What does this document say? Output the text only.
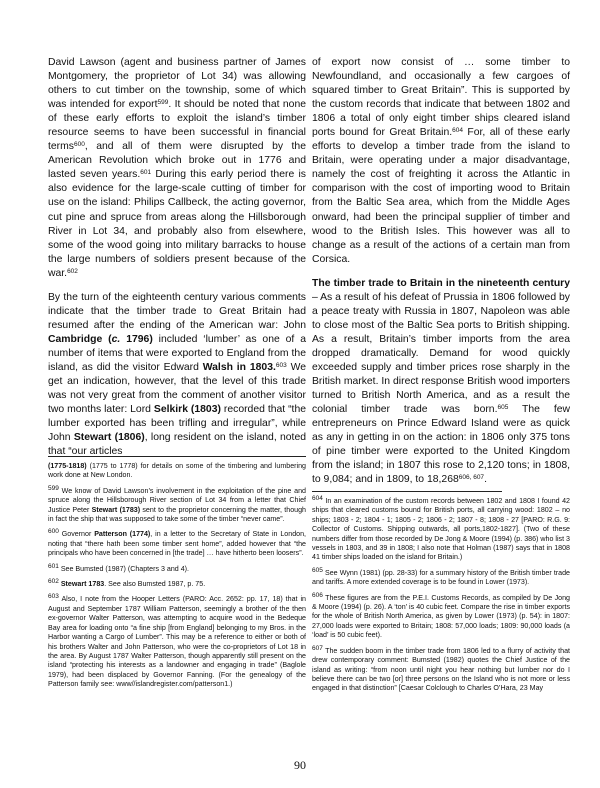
David Lawson (agent and business partner of James Montgomery, the proprietor of Lot 34) was allowing others to cut timber on the township, some of which was intended for export$^{599}$. It should be noted that none of these early efforts to exploit the island’s timber resource seems to have been successful in financial terms$^{600}$, and all of them were disrupted by the American Revolution which broke out in 1776 and lasted seven years.$^{601}$ During this early period there is also evidence for the large-scale cutting of timber for use on the island: Philips Callbeck, the acting governor, cut pine and spruce from areas along the Hillsborough River in Lot 34, and probably also from elsewhere, some of the wood going into military barracks to house the large numbers of soldiers present because of the war.$^{602}$

By the turn of the eighteenth century various comments indicate that the timber trade to Great Britain had resumed after the ending of the American war: John Cambridge (c. 1796) included ‘lumber’ as one of a number of items that were exported to England from the island, as did the visitor Edward Walsh in 1803.$^{603}$ We get an indication, however, that the level of this trade was not very great from the comment of another visitor two months later: Lord Selkirk (1803) recorded that “the lumber exported has been trifling and irregular”, while John Stewart (1806), long resident on the island, noted that “our articles

of export now consist of … some timber to Newfoundland, and occasionally a few cargoes of squared timber to Great Britain”. This is supported by the custom records that indicate that between 1802 and 1806 a total of only eight timber ships cleared island ports bound for Great Britain.$^{604}$ For, all of these early efforts to develop a timber trade from the island to Britain, were operating under a major disadvantage, namely the cost of freighting it across the Atlantic in comparison with the cost of importing wood to Britain from the Baltic Sea area, which from the Middle Ages onward, had been the principal supplier of timber and wood to the British Isles. This however was all to change as a result of the actions of a certain man from Corsica.

The timber trade to Britain in the nineteenth century – As a result of his defeat of Prussia in 1806 followed by a peace treaty with Russia in 1807, Napoleon was able to close most of the Baltic Sea ports to British shipping. As a result, Britain’s timber imports from the area dropped dramatically. Demand for wood quickly exceeded supply and timber prices rose sharply in the British market. In direct response British wood importers turned to British North America, and as a result the colonial timber trade was born.$^{605}$ The few entrepreneurs on Prince Edward Island were as quick as any in getting in on the action: in 1806 only 375 tons of pine timber were exported to the United Kingdom from the island; in 1807 this rose to 2,120 tons; in 1808, to 9,084; and in 1809, to 18,268$^{606, 607}$.

(1775-1818) (1775 to 1778) for details on some of the timbering and lumbering work done at New London.

$^{599}$ We know of David Lawson’s involvement in the exploitation of the pine and spruce along the Hillsborough River section of Lot 34 from a letter that Chief Justice Peter Stewart (1783) sent to the proprietor concerning the matter, though in fact the ship that was supposed to take some of the timber “never came”.

$^{600}$ Governor Patterson (1774), in a letter to the Secretary of State in London, noting that “there hath been some timber sent home”, added however that “the principals who have been concerned in [the trade] … have hitherto been loosers”.

$^{601}$ See Bumsted (1987) (Chapters 3 and 4).

$^{602}$ Stewart 1783. See also Bumsted 1987, p. 75.

$^{603}$ Also, I note from the Hooper Letters (PARO: Acc. 2652: pp. 17, 18) that in August and September 1787 William Patterson, seemingly a brother of the then ex-governor Walter Patterson, was attempting to acquire wood in the Bedeque Bay area for loading onto “a fine ship [from England] belonging to my Bros. in the Harbor wanting a Cargo of Lumber”. This may be a reference to either or both of his brothers Walter and John Patterson, who were the co-proprietors of Lot 18 in the area. By August 1787 Walter Patterson, though apparently still present on the island “protecting his interests as a landowner and engaging in trade” (Baglole 1979), had been displaced by Governor Fanning. (For the genealogy of the Patterson family see: www//islandregister.com/patterson1.)

$^{604}$ In an examination of the custom records between 1802 and 1808 I found 42 ships that cleared customs bound for British ports, all carrying wood: 1802 – no ships; 1803 - 2; 1804 - 1; 1805 - 2; 1806 - 2; 1807 - 8; 1808 - 27 [PARO: R.G. 9: Collector of Customs. Shipping outwards, all ports,1802-1827]. (Two of these numbers differ from those recorded by De Jong & Moore (1994) (p. 386) who list 3 vessels in 1803, and 39 in 1808; I also note that Holman (1987) says that in 1808 41 timber ships loaded on the island for Britain.)

$^{605}$ See Wynn (1981) (pp. 28-33) for a summary history of the British timber trade and tariffs. A more extended coverage is to be found in Lower (1973).

$^{606}$ These figures are from the P.E.I. Customs Records, as compiled by De Jong & Moore (1994) (p. 26). A ‘ton’ is 40 cubic feet. Compare the rise in timber exports for the whole of British North America, as given by Lower (1973) (p. 54): in 1807: 27,000 loads were exported to Britain; 1808: 57,000 loads; 1809: 90,000 loads (a ‘load’ is 50 cubic feet).

$^{607}$ The sudden boom in the timber trade from 1806 led to a flurry of activity that drew contemporary comment: Bumsted (1982) quotes the Chief Justice of the island as writing: “from noon until night you hear nothing but lumber nor do I believe there can be two [or] three persons on the Island who is not more or less engaged in that distinction” [Caesar Colclough to Charles O’Hara, 23 May

90
